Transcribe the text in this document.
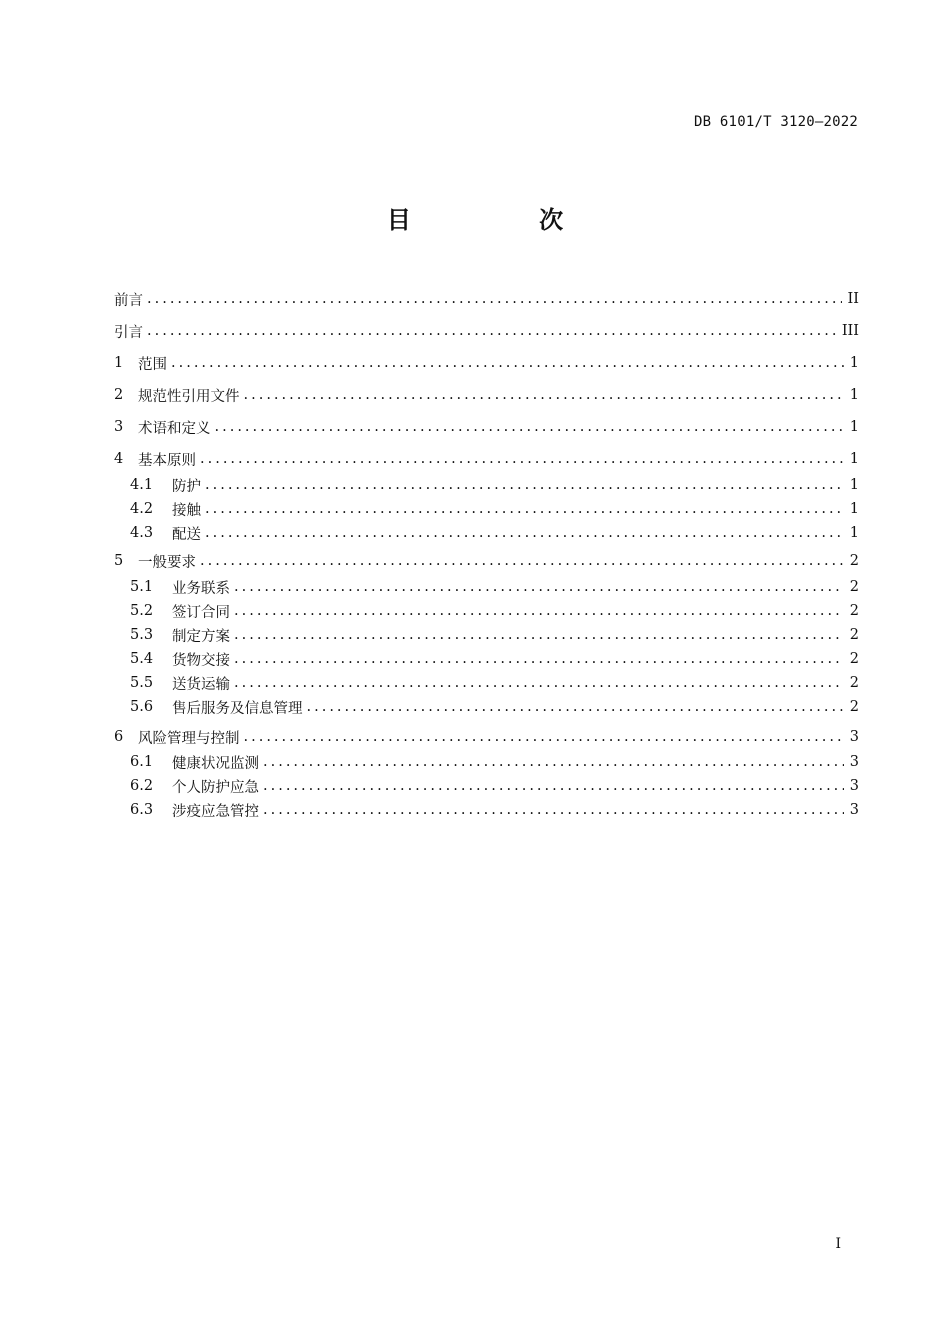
DB 6101/T 3120—2022
目 次
前言 .....	II
引言 .....	III
1	范围 .....	1
2	规范性引用文件 .....	1
3	术语和定义 .....	1
4	基本原则 .....	1
4.1	防护 .....	1
4.2	接触 .....	1
4.3	配送 .....	1
5	一般要求 .....	2
5.1	业务联系 .....	2
5.2	签订合同 .....	2
5.3	制定方案 .....	2
5.4	货物交接 .....	2
5.5	送货运输 .....	2
5.6	售后服务及信息管理 .....	2
6	风险管理与控制 .....	3
6.1	健康状况监测 .....	3
6.2	个人防护应急 .....	3
6.3	涉疫应急管控 .....	3
I
